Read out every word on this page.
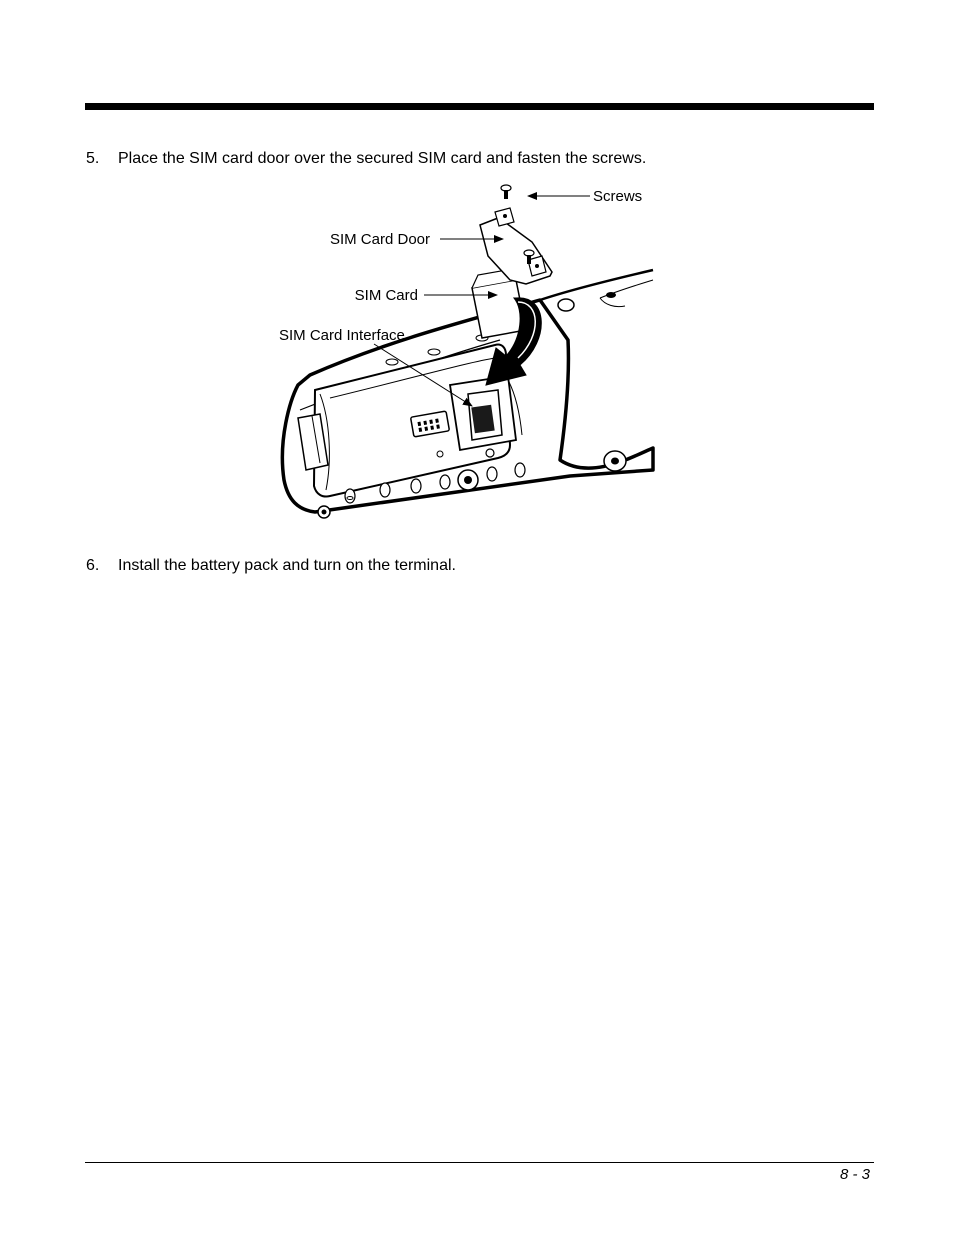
5. Place the SIM card door over the secured SIM card and fasten the screws.
Screws
SIM Card Door
SIM Card
SIM Card Interface
6. Install the battery pack and turn on the terminal.
8 - 3
